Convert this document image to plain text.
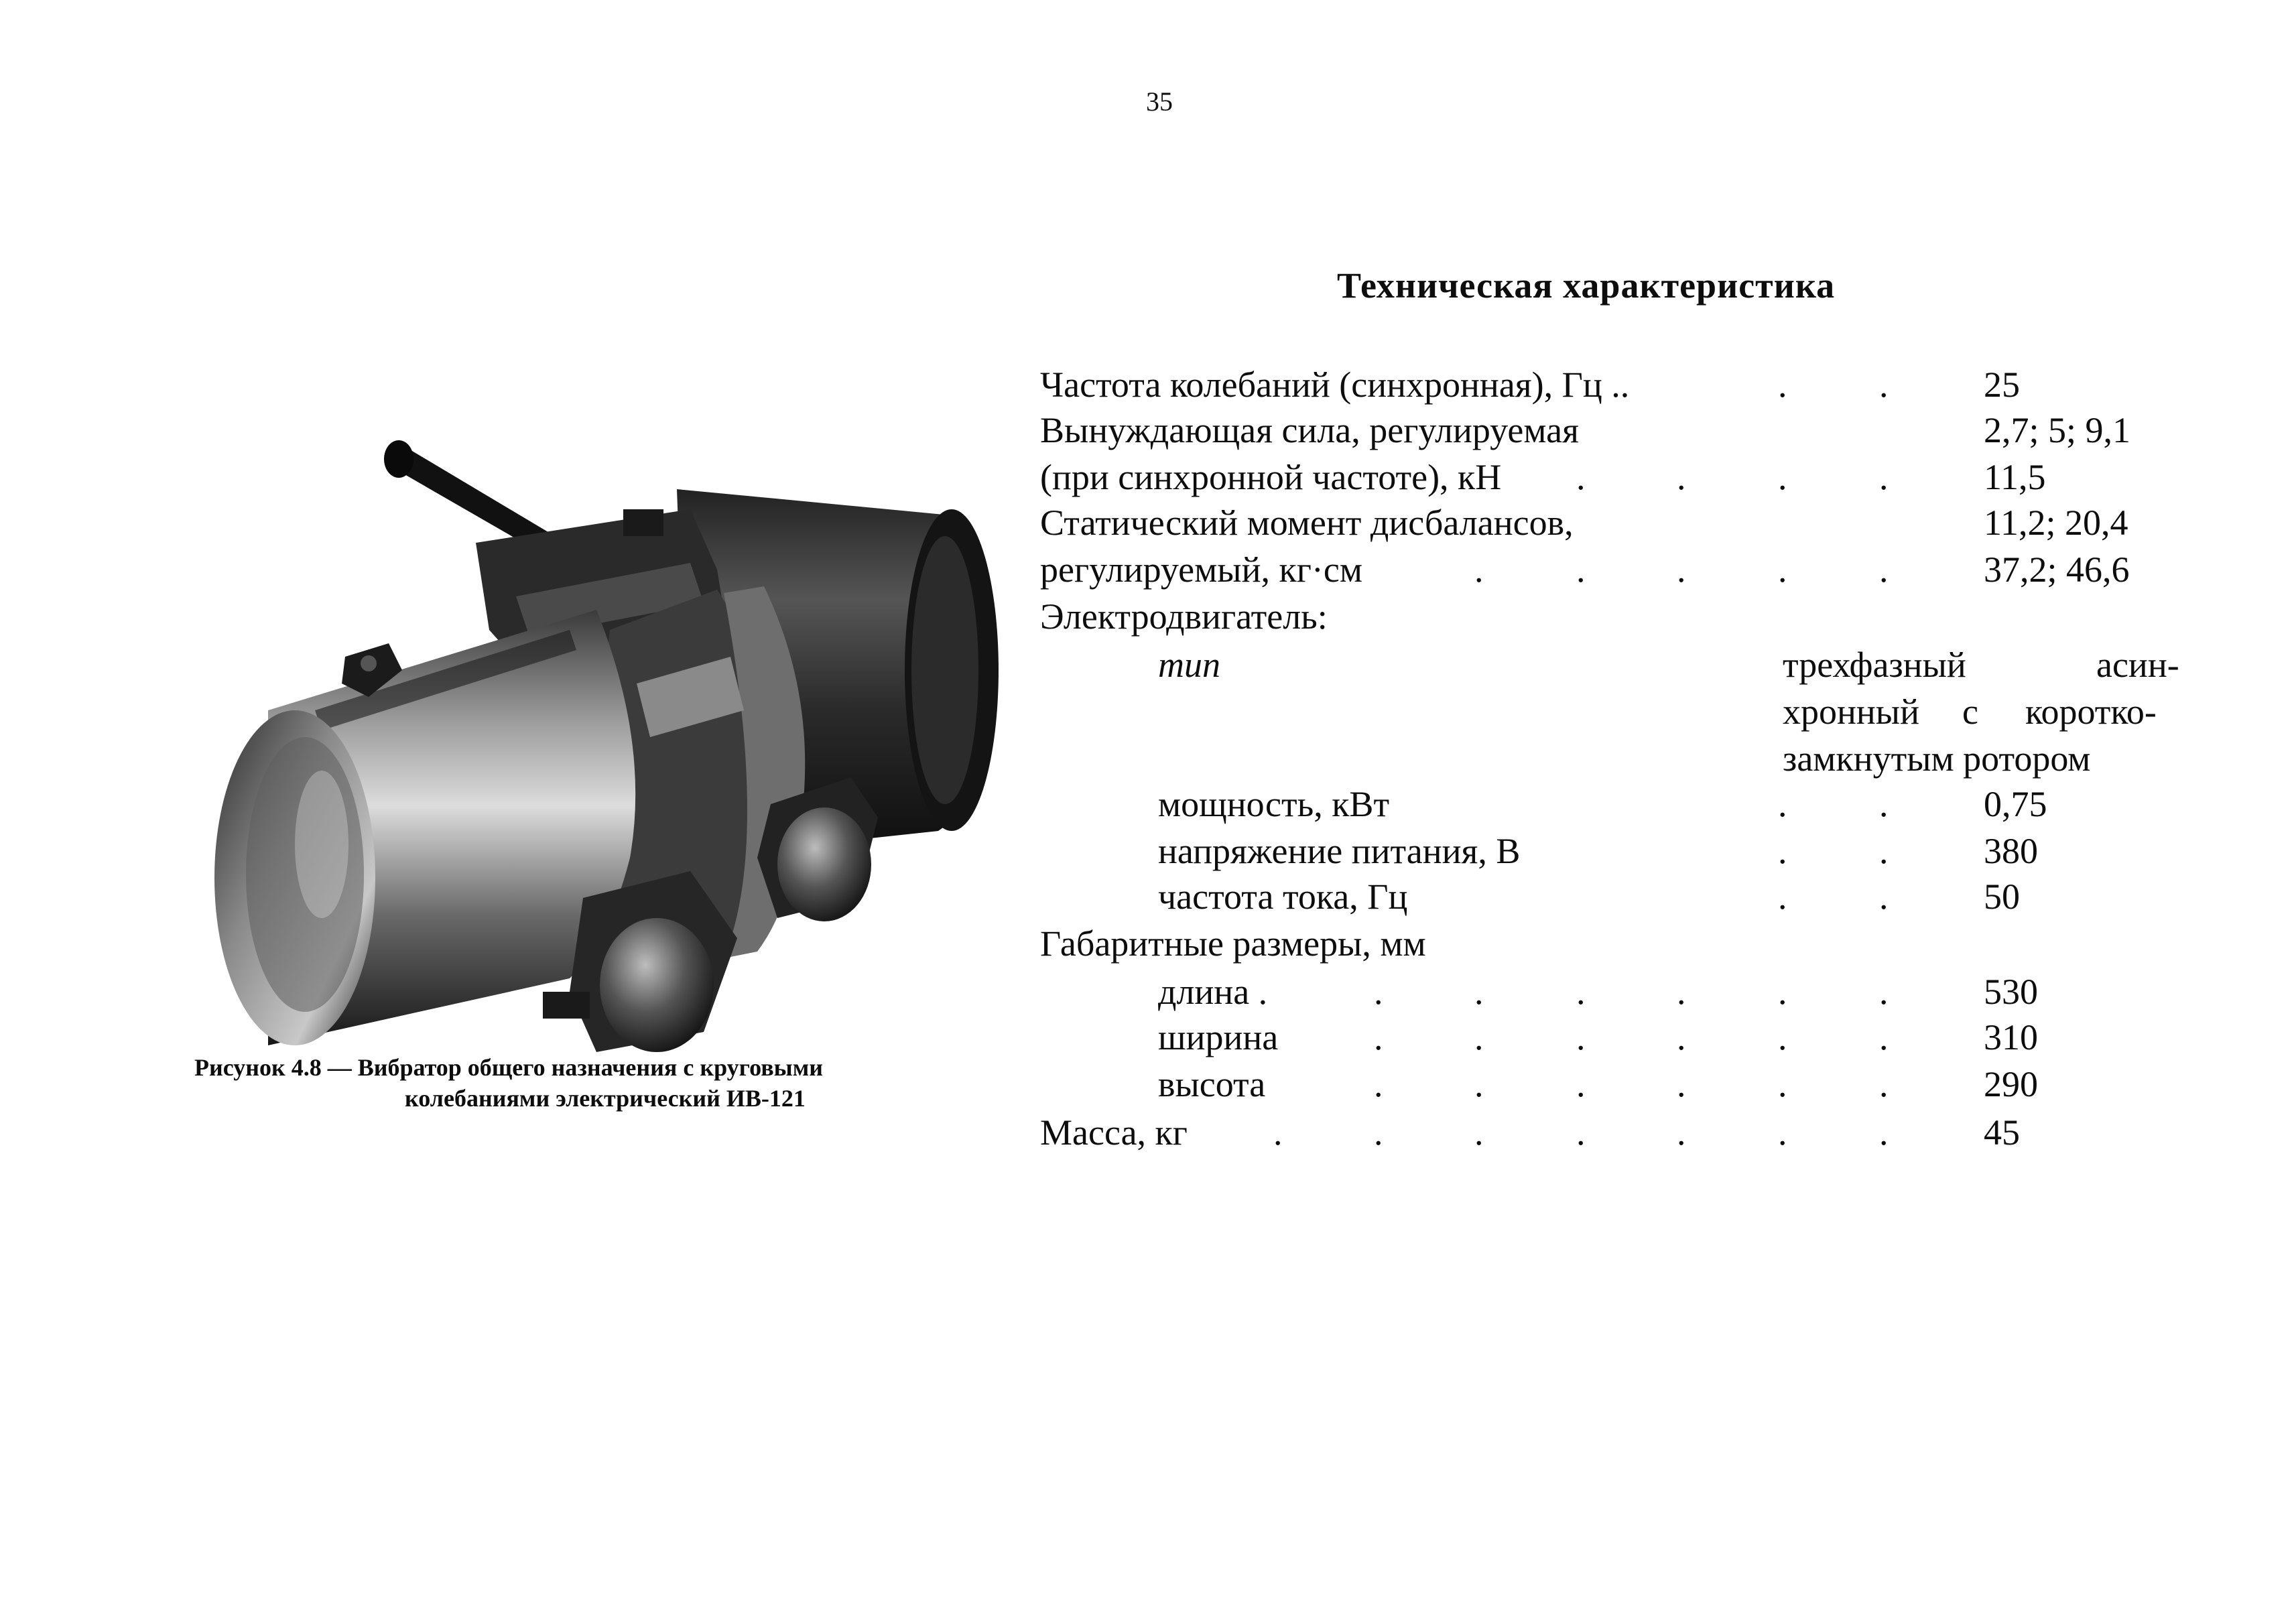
35
Техническая характеристика
Рисунок 4.8 — Вибратор общего назначения с круговыми
колебаниями электрический ИВ-121
Частота колебаний (синхронная), Гц ..	.	.	25
Вынуждающая сила, регулируемая	2,7; 5; 9,1
(при синхронной частоте), кН .	.	.	.	11,5
Статический момент дисбалансов,	11,2; 20,4
регулируемый, кг·см	.	.	.	.	.	37,2; 46,6
Электродвигатель:
тип	трехфазный	асин-
хронный с коротко-
замкнутым ротором
мощность, кВт	.	.	0,75
напряжение питания, В	.	.	380
частота тока, Гц	.	.	50
Габаритные размеры, мм
длина .	.	.	.	.	.	.	530
ширина	.	.	.	.	.	.	310
высота	.	.	.	.	.	.	290
Масса, кг .	.	.	.	.	.	.	45
